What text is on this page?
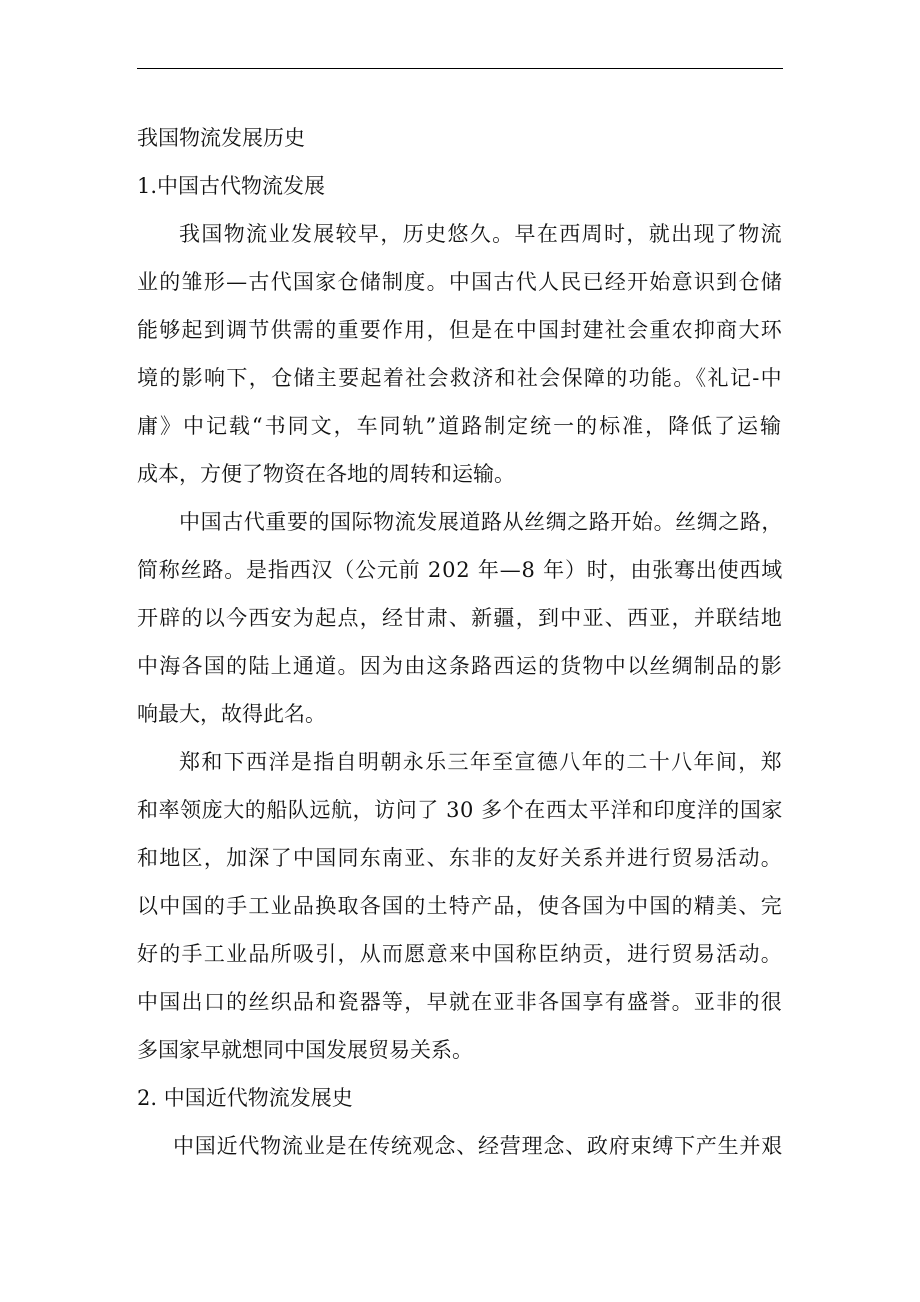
我国物流发展历史
1.中国古代物流发展
我国物流业发展较早，历史悠久。早在西周时，就出现了物流
业的雏形—古代国家仓储制度。中国古代人民已经开始意识到仓储
能够起到调节供需的重要作用，但是在中国封建社会重农抑商大环
境的影响下，仓储主要起着社会救济和社会保障的功能。《礼记-中
庸》中记载“书同文，车同轨”道路制定统一的标准，降低了运输
成本，方便了物资在各地的周转和运输。
中国古代重要的国际物流发展道路从丝绸之路开始。丝绸之路，
简称丝路。是指西汉（公元前 202 年—8 年）时，由张骞出使西域
开辟的以今西安为起点，经甘肃、新疆，到中亚、西亚，并联结地
中海各国的陆上通道。因为由这条路西运的货物中以丝绸制品的影
响最大，故得此名。
郑和下西洋是指自明朝永乐三年至宣德八年的二十八年间，郑
和率领庞大的船队远航，访问了 30 多个在西太平洋和印度洋的国家
和地区，加深了中国同东南亚、东非的友好关系并进行贸易活动。
以中国的手工业品换取各国的土特产品，使各国为中国的精美、完
好的手工业品所吸引，从而愿意来中国称臣纳贡，进行贸易活动。
中国出口的丝织品和瓷器等，早就在亚非各国享有盛誉。亚非的很
多国家早就想同中国发展贸易关系。
2. 中国近代物流发展史
中国近代物流业是在传统观念、经营理念、政府束缚下产生并艰
